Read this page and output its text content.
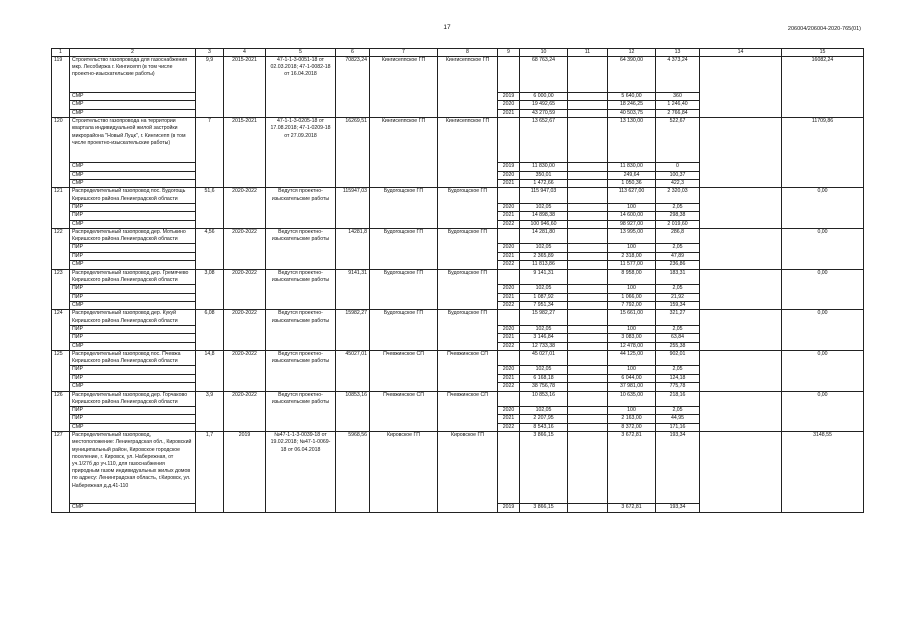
17	206004/206004-2020-765(01)
1	2	3	4	5	6	7	8	9	10	11	12	13	14	15
119	Строительство газопровода для газоснабжения мкр. Лесобиржа г. Кингисепп (в том числе проектно-изыскательские работы)	9,9	2015-2021	47-1-1-3-0051-18 от 02.03.2018; 47-1-0082-18 от 16.04.2018	70823,24	Кингисеппское ГП	Кингисеппское ГП		68 763,24		64 390,00	4 373,24		16082,24
	СМР							2019	6 000,00		5 640,00	360		
	СМР							2020	19 492,65		18 246,25	1 246,40		
	СМР							2021	43 270,59		40 503,75	2 766,84		
120	Строительство газопровода на территории квартала индивидуальной жилой застройки микрорайона "Новый Луцк", г. Кингисепп (в том числе проектно-изыскательские работы)	7	2015-2021	47-1-1-3-0205-18 от 17.08.2018; 47-1-0209-18 от 27.09.2018	16269,51	Кингисеппское ГП	Кингисеппское ГП		13 652,67		13 130,00	522,67		11709,86
	СМР							2019	11 830,00		11 830,00	0		
	СМР							2020	350,01		249,64	100,37		
	СМР							2021	1 472,66		1 050,36	422,3		
121	Распределительный газопровод пос. Будогощь Киришского района Ленинградской области	51,6	2020-2022	Ведутся проектно-изыскательские работы	115947,03	Будогощское ГП	Будогощское ГП		115 947,03		113 627,00	2 320,03		0,00
	ПИР							2020	102,05		100	2,05		
	ПИР							2021	14 898,38		14 600,00	298,38		
	СМР							2022	100 946,60		98 927,00	2 019,60		
122	Распределительный газопровод дер. Мотькино Киришского района Ленинградской области	4,56	2020-2022	Ведутся проектно-изыскательские работы	14281,8	Будогощское ГП	Будогощское ГП		14 281,80		13 995,00	286,8		0,00
	ПИР							2020	102,05		100	2,05		
	ПИР							2021	2 365,89		2 318,00	47,89		
	СМР							2022	11 813,86		11 577,00	236,86		
123	Распределительный газопровод дер. Гремячево Киришского района Ленинградской области	3,08	2020-2022	Ведутся проектно-изыскательские работы	9141,31	Будогощское ГП	Будогощское ГП		9 141,31		8 958,00	183,31		0,00
	ПИР							2020	102,05		100	2,05		
	ПИР							2021	1 087,92		1 066,00	21,92		
	СМР							2022	7 951,34		7 792,00	159,34		
124	Распределительный газопровод дер. Кукуй Киришского района Ленинградской области	6,08	2020-2022	Ведутся проектно-изыскательские работы	15982,27	Будогощское ГП	Будогощское ГП		15 982,27		15 661,00	321,27		0,00
	ПИР							2020	102,05		100	2,05		
	ПИР							2021	3 146,84		3 083,00	63,84		
	СМР							2022	12 733,38		12 478,00	255,38		
125	Распределительный газопровод пос. Пчевжа Киришского района Ленинградской области	14,8	2020-2022	Ведутся проектно-изыскательские работы	45027,01	Пчевжинское СП	Пчевжинское СП		45 027,01		44 125,00	902,01		0,00
	ПИР							2020	102,05		100	2,05		
	ПИР							2021	6 168,18		6 044,00	124,18		
	СМР							2022	38 756,78		37 981,00	775,78		
126	Распределительный газопровод дер. Горчаково Киришского района Ленинградской области	3,9	2020-2022	Ведутся проектно-изыскательские работы	10853,16	Пчевжинское СП	Пчевжинское СП		10 853,16		10 635,00	218,16		0,00
	ПИР							2020	102,05		100	2,05		
	ПИР							2021	2 207,95		2 163,00	44,95		
	СМР							2022	8 543,16		8 372,00	171,16		
127	Распределительный газопровод, местоположение: Ленинградская обл., Кировский муниципальный район, Кировское городское поселение, г. Кировск, ул. Набережная, от уч.1/27б до уч.110, для газоснабжения природным газом индивидуальных жилых домов по адресу: Ленинградская область, г.Кировск, ул. Набережная д.д.41-110	1,7	2019	№47-1-1-3-0039-18 от 19.02.2018; №47-1-0069-18 от 06.04.2018	5968,56	Кировское ГП	Кировское ГП		3 866,15		3 672,81	193,34		3148,55
	СМР							2019	3 866,15		3 672,81	193,34		
